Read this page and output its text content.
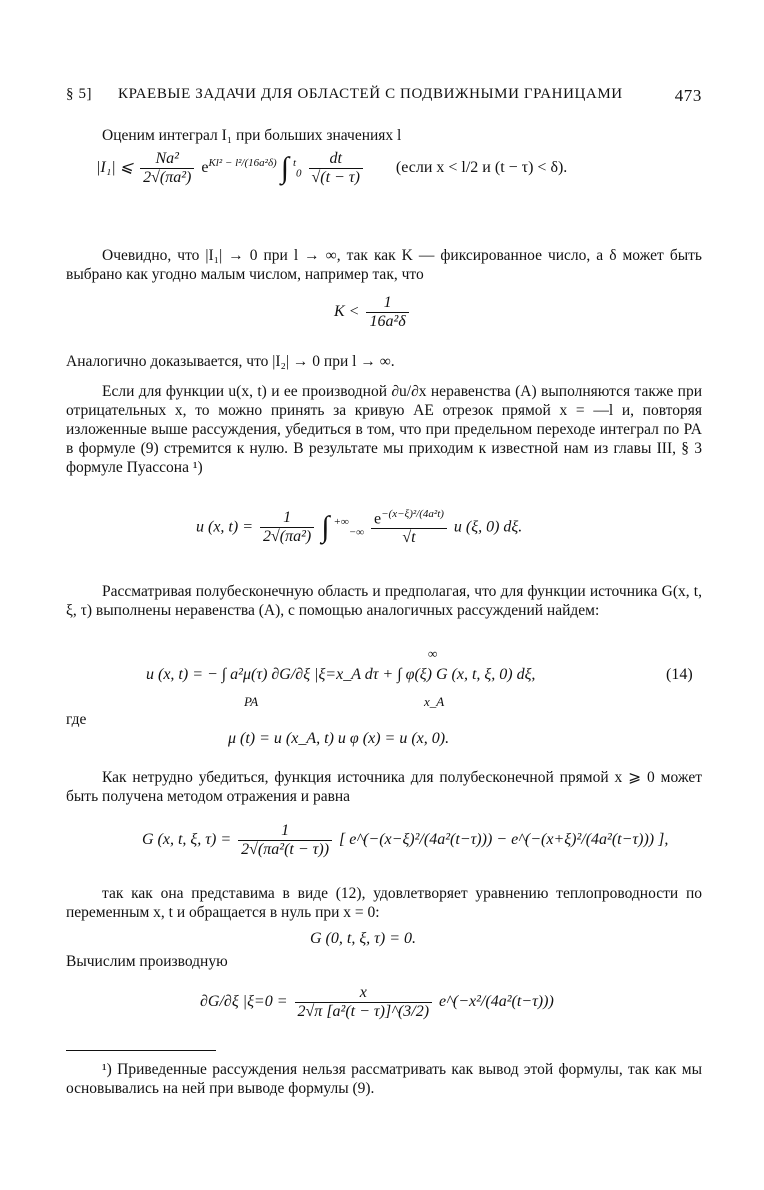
§ 5] КРАЕВЫЕ ЗАДАЧИ ДЛЯ ОБЛАСТЕЙ С ПОДВИЖНЫМИ ГРАНИЦАМИ	473
Оценим интеграл I₁ при больших значениях l
|I₁| ⩽ $\frac{\text{Na²}}{\text{2√(πa²)}} e^{Kl^2 - l^2/(16a^2\delta)}$ ∫ $^t_0 \frac{dt}{√(t - \tau)}$ (если x < l/2 и (t − τ) < δ).
Очевидно, что |I₁| → 0 при l → ∞, так как K — фиксированное число, а δ может быть выбрано как угодно малым числом, например так, что
$K < \frac{1}{\text{16a²δ}}$
Аналогично доказывается, что |I₂| → 0 при l → ∞.
Если для функции u(x, t) и ее производной ∂u/∂x неравенства (A) выполняются также при отрицательных x, то можно принять за кривую AE отрезок прямой x = —l и, повторяя изложенные выше рассуждения, убедиться в том, что при предельном переходе интеграл по PA в формуле (9) стремится к нулю. В результате мы приходим к известной нам из главы III, § 3 формуле Пуассона ¹)
u (x, $t) = \frac{1}{\text{2√(πa²)}}$ ∫ $^{+\infty}_{-\infty} \frac{e^{-(x-\xi)^2/(4a^2t)}}{√t}$ u (ξ, 0) dξ.
Рассматривая полубесконечную область и предполагая, что для функции источника G(x, t, ξ, τ) выполнены неравенства (A), с помощью аналогичных рассуждений найдем:
u (x, t) = − ∫ a²μ(τ) ∂G/∂ξ |ξ=x_A dτ + ∫ φ(ξ) G (x, t, ξ, 0) dξ,
PA
∞
x_A
(14)
где
μ (t) = u (x_A, t) и φ (x) = u (x, 0).
Как нетрудно убедиться, функция источника для полубесконечной прямой x ⩾ 0 может быть получена методом отражения и равна
G (x, t, ξ, $\tau) = \frac{1}{\text{2√(πa²(t − τ))}}$ [ e^(−(x−ξ)²/(4a²(t−τ))) − e^(−(x+ξ)²/(4a²(t−τ))) ],
так как она представима в виде (12), удовлетворяет уравнению теплопроводности по переменным x, t и обращается в нуль при x = 0:
G (0, t, ξ, τ) = 0.
Вычислим производную
∂G/∂ξ $|\xi=0 = \frac{x}{\text{2√π [a²(t − τ)]\textasciicircum{}(3/2)}}$ e^(−x²/(4a²(t−τ)))
¹) Приведенные рассуждения нельзя рассматривать как вывод этой формулы, так как мы основывались на ней при выводе формулы (9).
